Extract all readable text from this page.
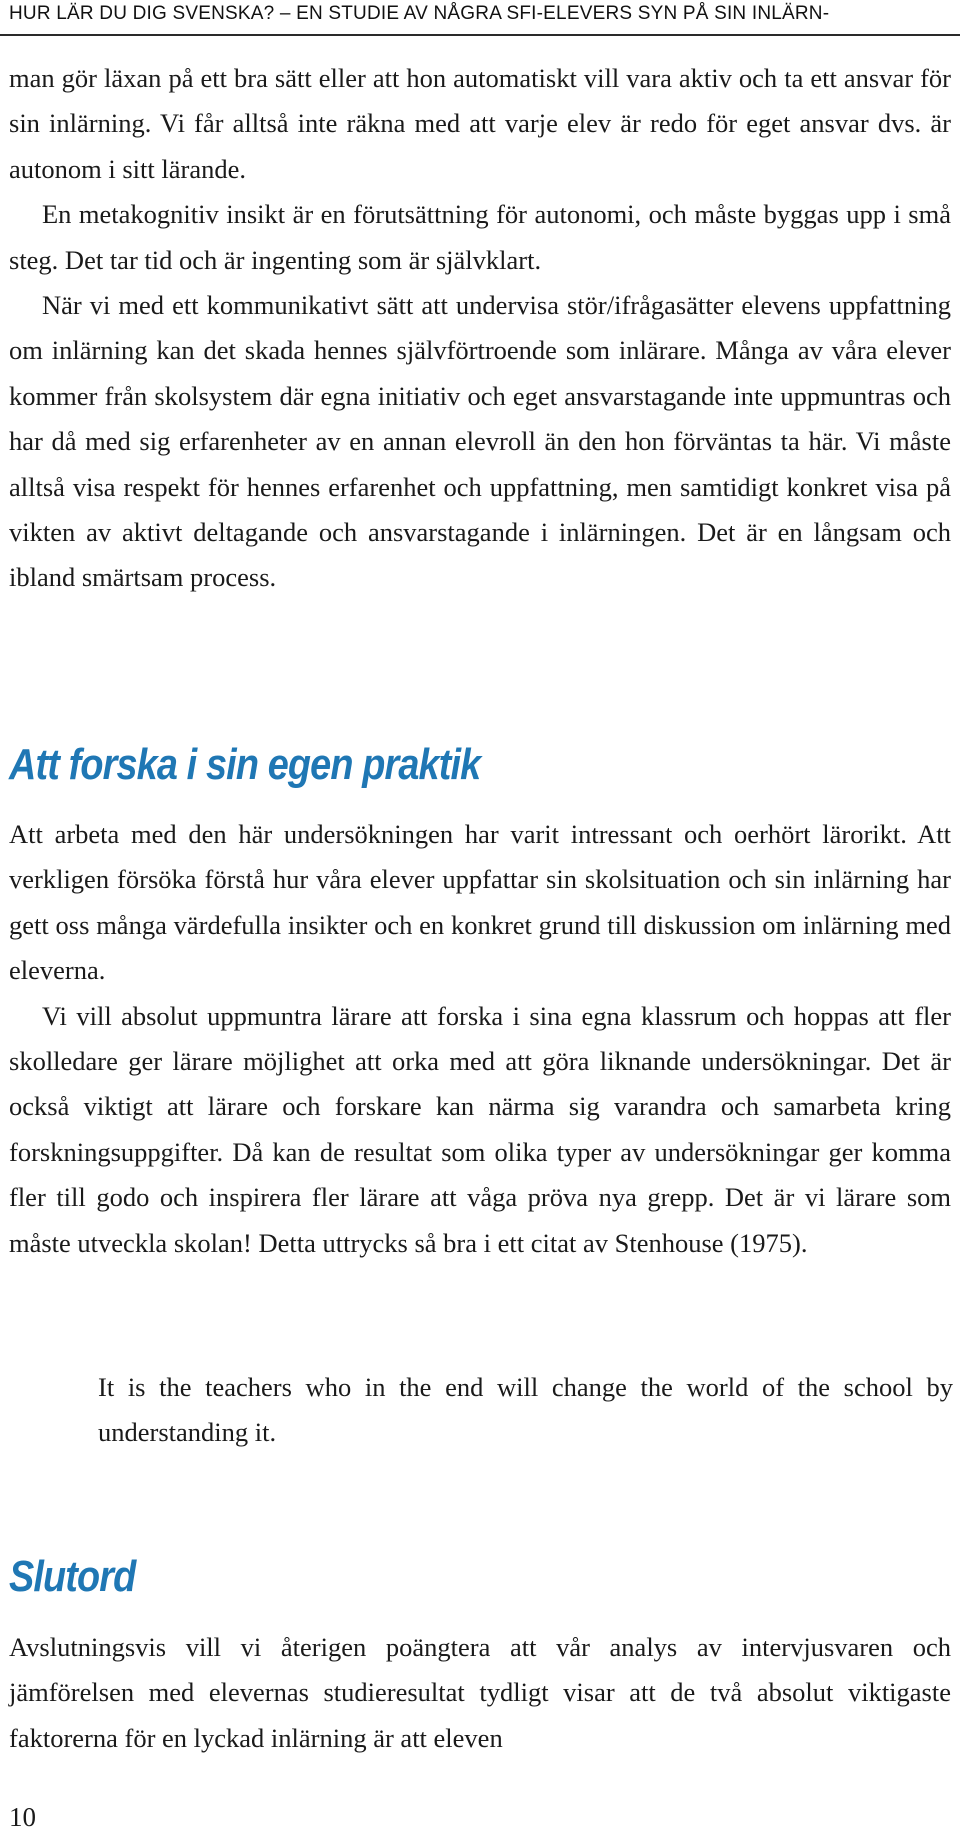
HUR LÄR DU DIG SVENSKA? – EN STUDIE AV NÅGRA SFI-ELEVERS SYN PÅ SIN INLÄRN-

man gör läxan på ett bra sätt eller att hon automatiskt vill vara aktiv och ta ett ansvar för sin inlärning. Vi får alltså inte räkna med att varje elev är redo för eget ansvar dvs. är autonom i sitt lärande.

En metakognitiv insikt är en förutsättning för autonomi, och måste byggas upp i små steg. Det tar tid och är ingenting som är självklart.

När vi med ett kommunikativt sätt att undervisa stör/ifrågasätter elevens uppfattning om inlärning kan det skada hennes självförtroende som inlärare. Många av våra elever kommer från skolsystem där egna initiativ och eget ansvarstagande inte uppmuntras och har då med sig erfarenheter av en annan elevroll än den hon förväntas ta här. Vi måste alltså visa respekt för hennes erfarenhet och uppfattning, men samtidigt konkret visa på vikten av aktivt deltagande och ansvarstagande i inlärningen. Det är en långsam och ibland smärtsam process.

Att forska i sin egen praktik

Att arbeta med den här undersökningen har varit intressant och oerhört lärorikt. Att verkligen försöka förstå hur våra elever uppfattar sin skolsituation och sin inlärning har gett oss många värdefulla insikter och en konkret grund till diskussion om inlärning med eleverna.

Vi vill absolut uppmuntra lärare att forska i sina egna klassrum och hoppas att fler skolledare ger lärare möjlighet att orka med att göra liknande undersökningar. Det är också viktigt att lärare och forskare kan närma sig varandra och samarbeta kring forskningsuppgifter. Då kan de resultat som olika typer av undersökningar ger komma fler till godo och inspirera fler lärare att våga pröva nya grepp. Det är vi lärare som måste utveckla skolan! Detta uttrycks så bra i ett citat av Stenhouse (1975).

It is the teachers who in the end will change the world of the school by understanding it.

Slutord

Avslutningsvis vill vi återigen poängtera att vår analys av intervjusvaren och jämförelsen med elevernas studieresultat tydligt visar att de två absolut viktigaste faktorerna för en lyckad inlärning är att eleven

10
